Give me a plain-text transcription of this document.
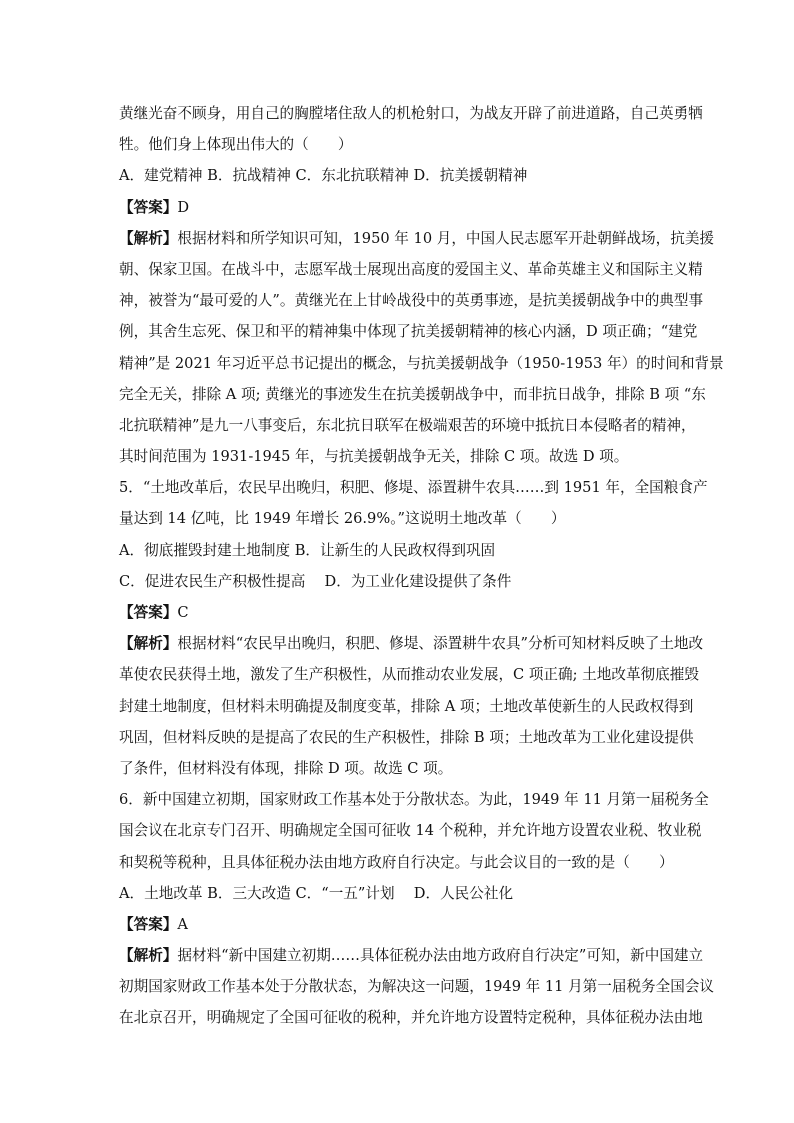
黄继光奋不顾身，用自己的胸膛堵住敌人的机枪射口，为战友开辟了前进道路，自己英勇牺
牲。他们身上体现出伟大的（　　）
A．建党精神 B．抗战精神 C．东北抗联精神 D．抗美援朝精神
【答案】D
【解析】根据材料和所学知识可知，1950 年 10 月，中国人民志愿军开赴朝鲜战场，抗美援
朝、保家卫国。在战斗中，志愿军战士展现出高度的爱国主义、革命英雄主义和国际主义精
神，被誉为“最可爱的人”。黄继光在上甘岭战役中的英勇事迹，是抗美援朝战争中的典型事
例，其舍生忘死、保卫和平的精神集中体现了抗美援朝精神的核心内涵，D 项正确；“建党
精神”是 2021 年习近平总书记提出的概念，与抗美援朝战争（1950-1953 年）的时间和背景
完全无关，排除 A 项; 黄继光的事迹发生在抗美援朝战争中，而非抗日战争，排除 B 项 “东
北抗联精神”是九一八事变后，东北抗日联军在极端艰苦的环境中抵抗日本侵略者的精神，
其时间范围为 1931-1945 年，与抗美援朝战争无关，排除 C 项。故选 D 项。
5．“土地改革后，农民早出晚归，积肥、修堤、添置耕牛农具……到 1951 年，全国粮食产
量达到 14 亿吨，比 1949 年增长 26.9%。”这说明土地改革（　　）
A．彻底摧毁封建土地制度 B．让新生的人民政权得到巩固
C．促进农民生产积极性提高　 D．为工业化建设提供了条件
【答案】C
【解析】根据材料“农民早出晚归，积肥、修堤、添置耕牛农具”分析可知材料反映了土地改
革使农民获得土地，激发了生产积极性，从而推动农业发展，C 项正确; 土地改革彻底摧毁
封建土地制度，但材料未明确提及制度变革，排除 A 项；土地改革使新生的人民政权得到
巩固，但材料反映的是提高了农民的生产积极性，排除 B 项；土地改革为工业化建设提供
了条件，但材料没有体现，排除 D 项。故选 C 项。
6．新中国建立初期，国家财政工作基本处于分散状态。为此，1949 年 11 月第一届税务全
国会议在北京专门召开、明确规定全国可征收 14 个税种，并允许地方设置农业税、牧业税
和契税等税种，且具体征税办法由地方政府自行决定。与此会议目的一致的是（　　）
A．土地改革 B．三大改造 C．“一五”计划　 D．人民公社化
【答案】A
【解析】据材料“新中国建立初期……具体征税办法由地方政府自行决定”可知，新中国建立
初期国家财政工作基本处于分散状态，为解决这一问题，1949 年 11 月第一届税务全国会议
在北京召开，明确规定了全国可征收的税种，并允许地方设置特定税种，具体征税办法由地
